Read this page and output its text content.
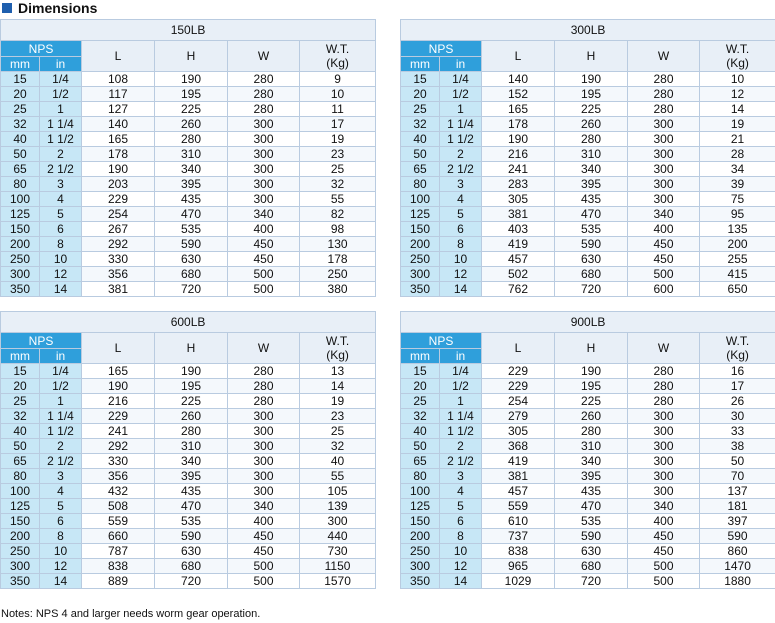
Dimensions
150LB					
NPS		L	H	W	W.T.
(Kg)

mm	in				
15	1/4	108	190	280	9
20	1/2	117	195	280	10
25	1	127	225	280	11
32	1 1/4	140	260	300	17
40	1 1/2	165	280	300	19
50	2	178	310	300	23
65	2 1/2	190	340	300	25
80	3	203	395	300	32
100	4	229	435	300	55
125	5	254	470	340	82
150	6	267	535	400	98
200	8	292	590	450	130
250	10	330	630	450	178
300	12	356	680	500	250
350	14	381	720	500	380
300LB					
NPS		L	H	W	W.T.
(Kg)

mm	in				
15	1/4	140	190	280	10
20	1/2	152	195	280	12
25	1	165	225	280	14
32	1 1/4	178	260	300	19
40	1 1/2	190	280	300	21
50	2	216	310	300	28
65	2 1/2	241	340	300	34
80	3	283	395	300	39
100	4	305	435	300	75
125	5	381	470	340	95
150	6	403	535	400	135
200	8	419	590	450	200
250	10	457	630	450	255
300	12	502	680	500	415
350	14	762	720	600	650
600LB					
NPS		L	H	W	W.T.
(Kg)

mm	in				
15	1/4	165	190	280	13
20	1/2	190	195	280	14
25	1	216	225	280	19
32	1 1/4	229	260	300	23
40	1 1/2	241	280	300	25
50	2	292	310	300	32
65	2 1/2	330	340	300	40
80	3	356	395	300	55
100	4	432	435	300	105
125	5	508	470	340	139
150	6	559	535	400	300
200	8	660	590	450	440
250	10	787	630	450	730
300	12	838	680	500	1150
350	14	889	720	500	1570
900LB					
NPS		L	H	W	W.T.
(Kg)

mm	in				
15	1/4	229	190	280	16
20	1/2	229	195	280	17
25	1	254	225	280	26
32	1 1/4	279	260	300	30
40	1 1/2	305	280	300	33
50	2	368	310	300	38
65	2 1/2	419	340	300	50
80	3	381	395	300	70
100	4	457	435	300	137
125	5	559	470	340	181
150	6	610	535	400	397
200	8	737	590	450	590
250	10	838	630	450	860
300	12	965	680	500	1470
350	14	1029	720	500	1880
Notes: NPS 4 and larger needs worm gear operation.
